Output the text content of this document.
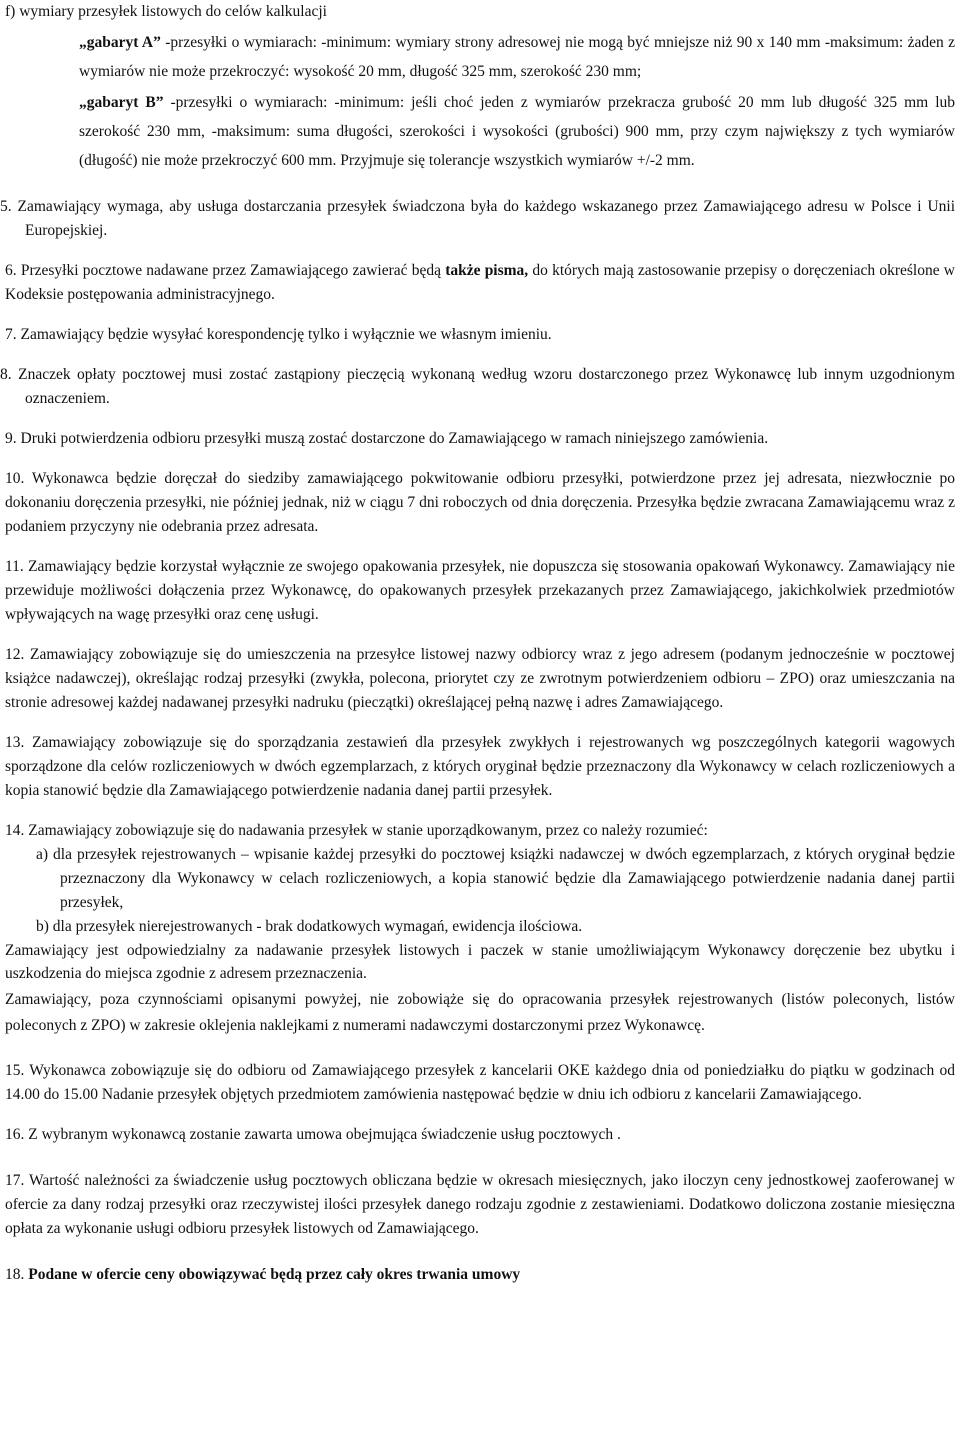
f) wymiary przesyłek listowych do celów kalkulacji

„gabaryt A” -przesyłki o wymiarach: -minimum: wymiary strony adresowej nie mogą być mniejsze niż 90 x 140 mm -maksimum: żaden z wymiarów nie może przekroczyć: wysokość 20 mm, długość 325 mm, szerokość 230 mm;

„gabaryt B” -przesyłki o wymiarach: -minimum: jeśli choć jeden z wymiarów przekracza grubość 20 mm lub długość 325 mm lub szerokość 230 mm, -maksimum: suma długości, szerokości i wysokości (grubości) 900 mm, przy czym największy z tych wymiarów (długość) nie może przekroczyć 600 mm. Przyjmuje się tolerancje wszystkich wymiarów +/-2 mm.

5. Zamawiający wymaga, aby usługa dostarczania przesyłek świadczona była do każdego wskazanego przez Zamawiającego adresu w Polsce i Unii Europejskiej.

6. Przesyłki pocztowe nadawane przez Zamawiającego zawierać będą także pisma, do których mają zastosowanie przepisy o doręczeniach określone w Kodeksie postępowania administracyjnego.

7. Zamawiający będzie wysyłać korespondencję tylko i wyłącznie we własnym imieniu.

8. Znaczek opłaty pocztowej musi zostać zastąpiony pieczęcią wykonaną według wzoru dostarczonego przez Wykonawcę lub innym uzgodnionym oznaczeniem.

9. Druki potwierdzenia odbioru przesyłki muszą zostać dostarczone do Zamawiającego w ramach niniejszego zamówienia.

10. Wykonawca będzie doręczał do siedziby zamawiającego pokwitowanie odbioru przesyłki, potwierdzone przez jej adresata, niezwłocznie po dokonaniu doręczenia przesyłki, nie później jednak, niż w ciągu 7 dni roboczych od dnia doręczenia. Przesyłka będzie zwracana Zamawiającemu wraz z podaniem przyczyny nie odebrania przez adresata.

11. Zamawiający będzie korzystał wyłącznie ze swojego opakowania przesyłek, nie dopuszcza się stosowania opakowań Wykonawcy. Zamawiający nie przewiduje możliwości dołączenia przez Wykonawcę, do opakowanych przesyłek przekazanych przez Zamawiającego, jakichkolwiek przedmiotów wpływających na wagę przesyłki oraz cenę usługi.

12. Zamawiający zobowiązuje się do umieszczenia na przesyłce listowej nazwy odbiorcy wraz z jego adresem (podanym jednocześnie w pocztowej książce nadawczej), określając rodzaj przesyłki (zwykła, polecona, priorytet czy ze zwrotnym potwierdzeniem odbioru – ZPO) oraz umieszczania na stronie adresowej każdej nadawanej przesyłki nadruku (pieczątki) określającej pełną nazwę i adres Zamawiającego.

13. Zamawiający zobowiązuje się do sporządzania zestawień dla przesyłek zwykłych i rejestrowanych wg poszczególnych kategorii wagowych sporządzone dla celów rozliczeniowych w dwóch egzemplarzach, z których oryginał będzie przeznaczony dla Wykonawcy w celach rozliczeniowych a kopia stanowić będzie dla Zamawiającego potwierdzenie nadania danej partii przesyłek.

14. Zamawiający zobowiązuje się do nadawania przesyłek w stanie uporządkowanym, przez co należy rozumieć:

a) dla przesyłek rejestrowanych – wpisanie każdej przesyłki do pocztowej książki nadawczej w dwóch egzemplarzach, z których oryginał będzie przeznaczony dla Wykonawcy w celach rozliczeniowych, a kopia stanowić będzie dla Zamawiającego potwierdzenie nadania danej partii przesyłek,

b) dla przesyłek nierejestrowanych - brak dodatkowych wymagań, ewidencja ilościowa.

Zamawiający jest odpowiedzialny za nadawanie przesyłek listowych i paczek w stanie umożliwiającym Wykonawcy doręczenie bez ubytku i uszkodzenia do miejsca zgodnie z adresem przeznaczenia.

Zamawiający, poza czynnościami opisanymi powyżej, nie zobowiąże się do opracowania przesyłek rejestrowanych (listów poleconych, listów poleconych z ZPO) w zakresie oklejenia naklejkami z numerami nadawczymi dostarczonymi przez Wykonawcę.

15. Wykonawca zobowiązuje się do odbioru od Zamawiającego przesyłek z kancelarii OKE każdego dnia od poniedziałku do piątku w godzinach od 14.00 do 15.00 Nadanie przesyłek objętych przedmiotem zamówienia następować będzie w dniu ich odbioru z kancelarii Zamawiającego.

16. Z wybranym wykonawcą zostanie zawarta umowa obejmująca świadczenie usług pocztowych .

17. Wartość należności za świadczenie usług pocztowych obliczana będzie w okresach miesięcznych, jako iloczyn ceny jednostkowej zaoferowanej w ofercie za dany rodzaj przesyłki oraz rzeczywistej ilości przesyłek danego rodzaju zgodnie z zestawieniami. Dodatkowo doliczona zostanie miesięczna opłata za wykonanie usługi odbioru przesyłek listowych od Zamawiającego.

18. Podane w ofercie ceny obowiązywać będą przez cały okres trwania umowy
